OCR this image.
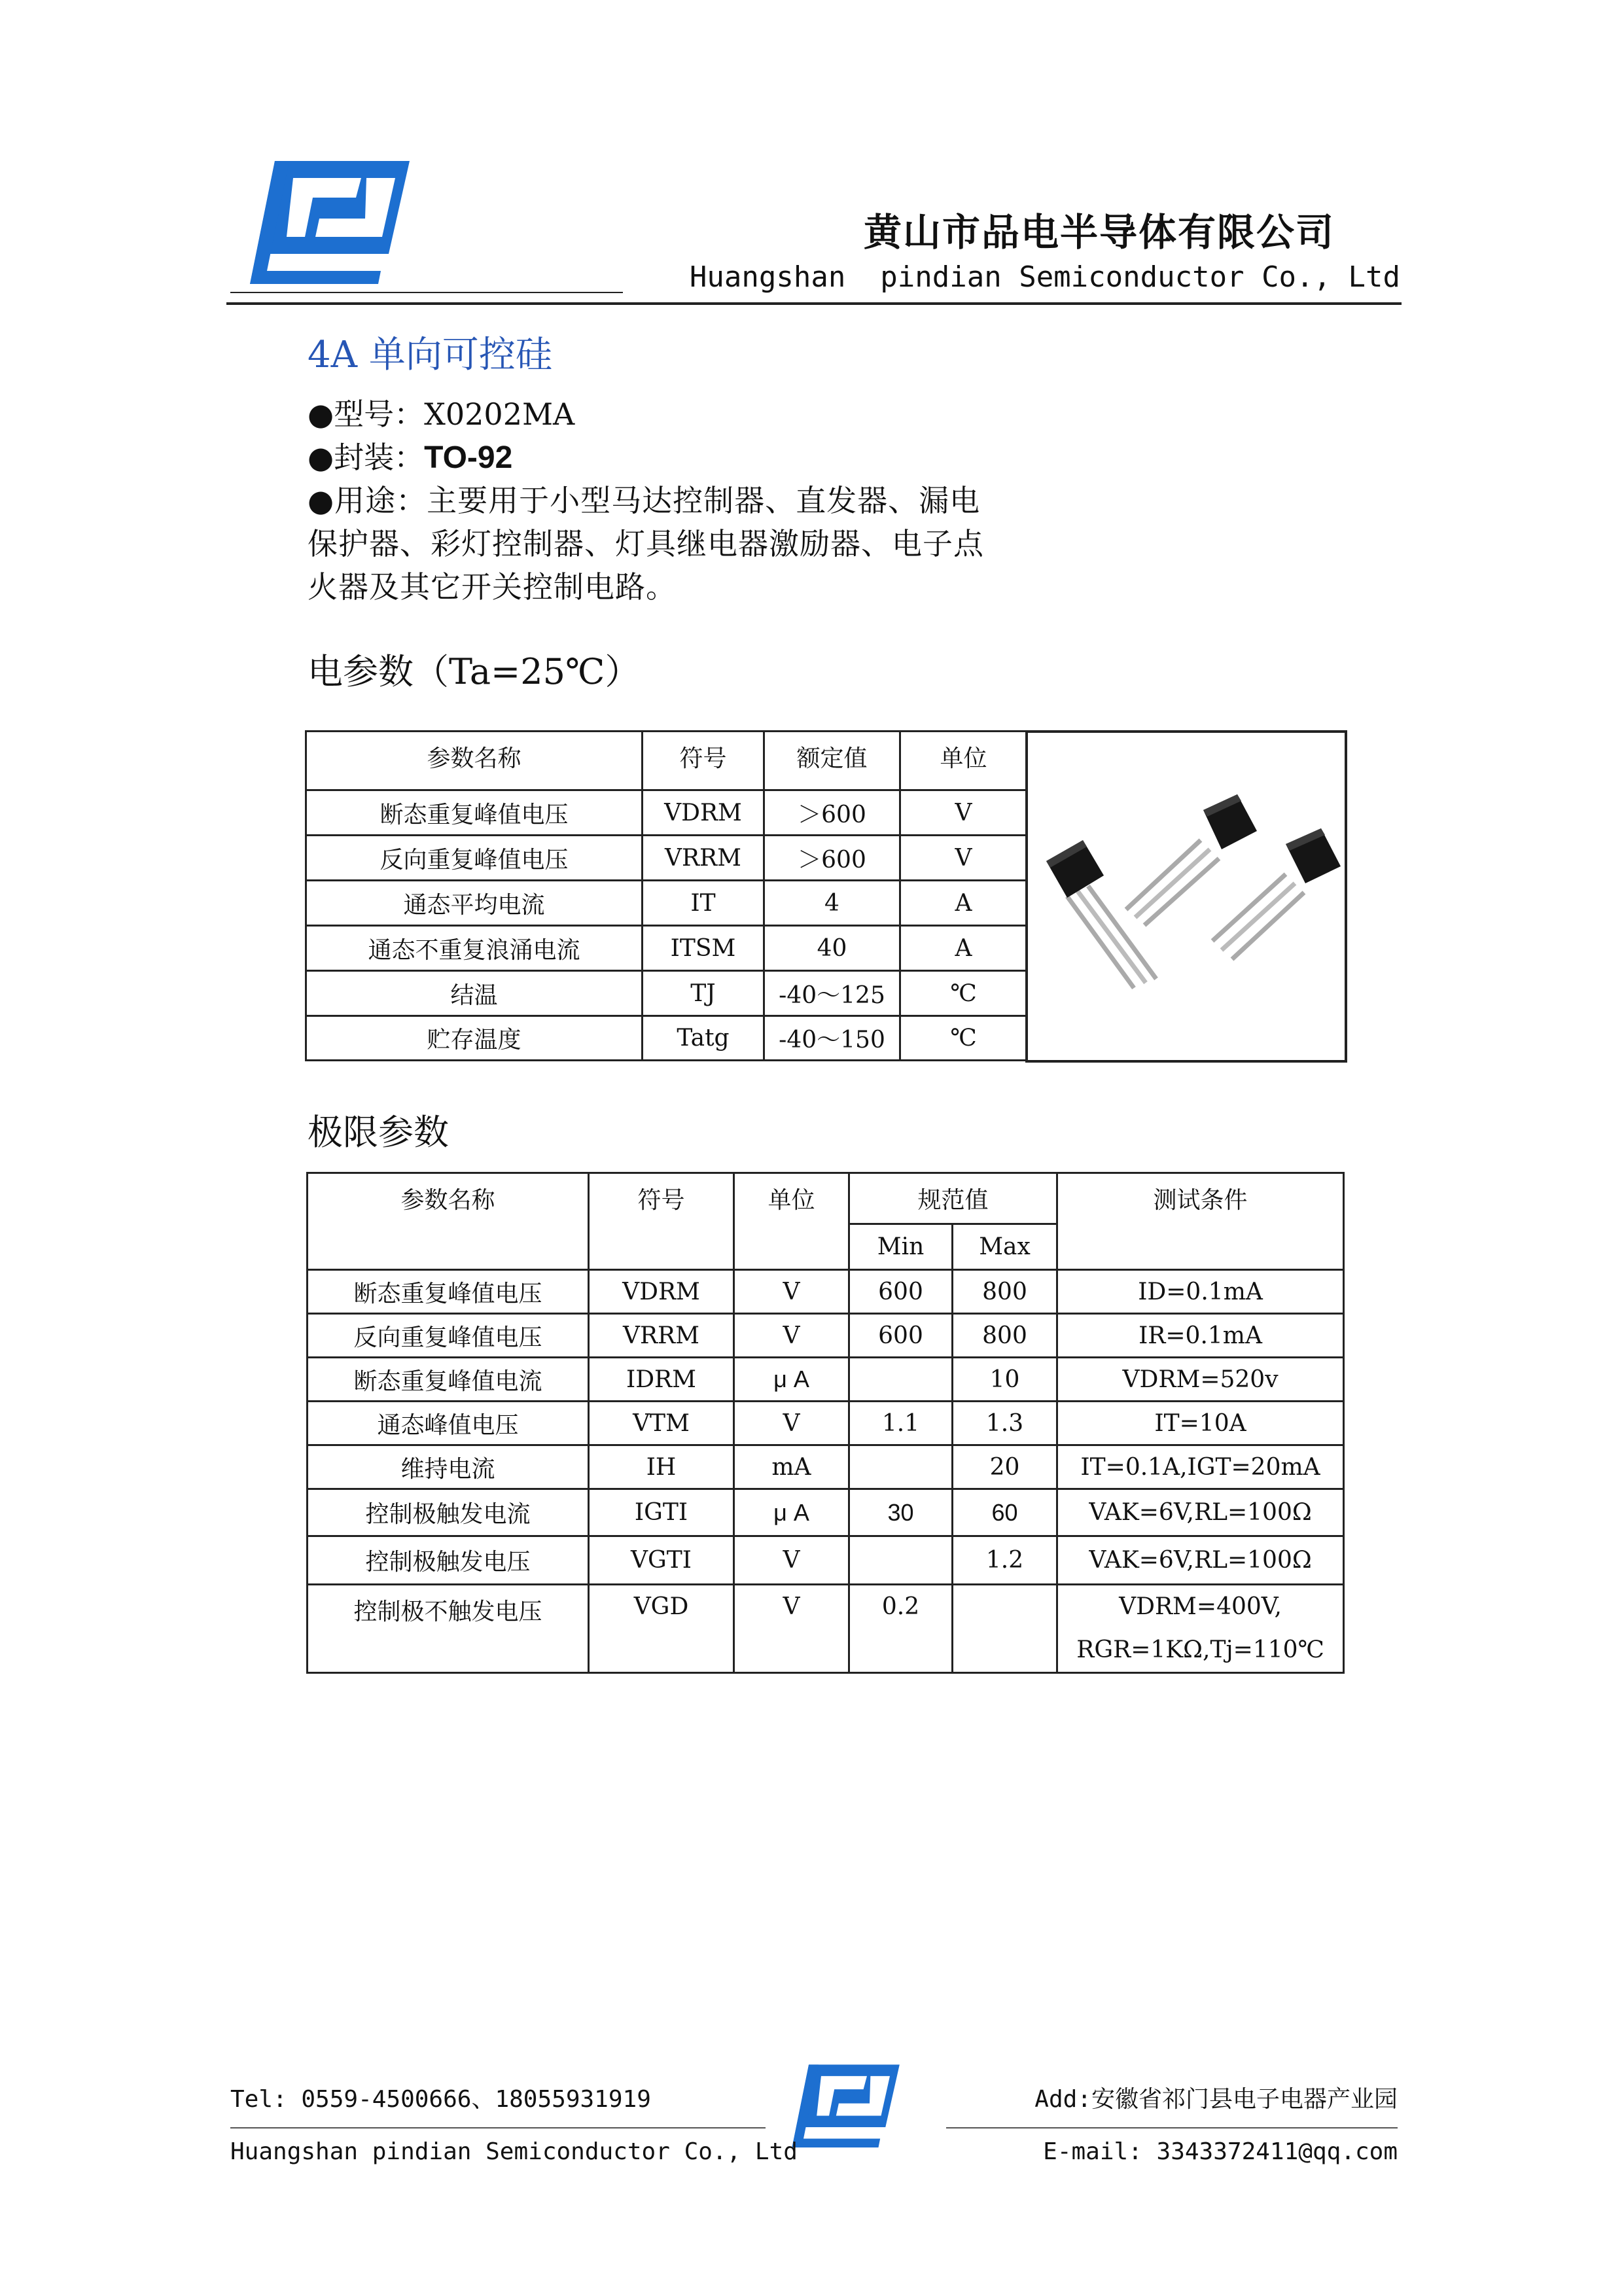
黄山市品电半导体有限公司
Huangshan  pindian Semiconductor Co., Ltd
4A 单向可控硅
●型号：X0202MA
●封装：TO-92
●用途：主要用于小型马达控制器、直发器、漏电
保护器、彩灯控制器、灯具继电器激励器、电子点
火器及其它开关控制电路。
电参数（Ta=25℃）
参数名称	符号	额定值	单位
断态重复峰值电压	VDRM	＞600	V
反向重复峰值电压	VRRM	＞600	V
通态平均电流	IT	4	A
通态不重复浪涌电流	ITSM	40	A
结温	TJ	-40～125	℃
贮存温度	Tatg	-40～150	℃
极限参数
参数名称	符号	单位	规范值		测试条件
			Min	Max	
断态重复峰值电压	VDRM	V	600	800	ID=0.1mA
反向重复峰值电压	VRRM	V	600	800	IR=0.1mA
断态重复峰值电流	IDRM	μ A		10	VDRM=520v
通态峰值电压	VTM	V	1.1	1.3	IT=10A
维持电流	IH	mA		20	IT=0.1A,IGT=20mA
控制极触发电流	IGTI	μ A	30	60	VAK=6V,RL=100Ω
控制极触发电压	VGTI	V		1.2	VAK=6V,RL=100Ω
控制极不触发电压	VGD	V	0.2		VDRM=400V,
RGR=1KΩ,Tj=110℃
Tel: 0559-4500666、18055931919	Add:安徽省祁门县电子电器产业园
Huangshan pindian Semiconductor Co., Ltd	E-mail: 3343372411@qq.com
